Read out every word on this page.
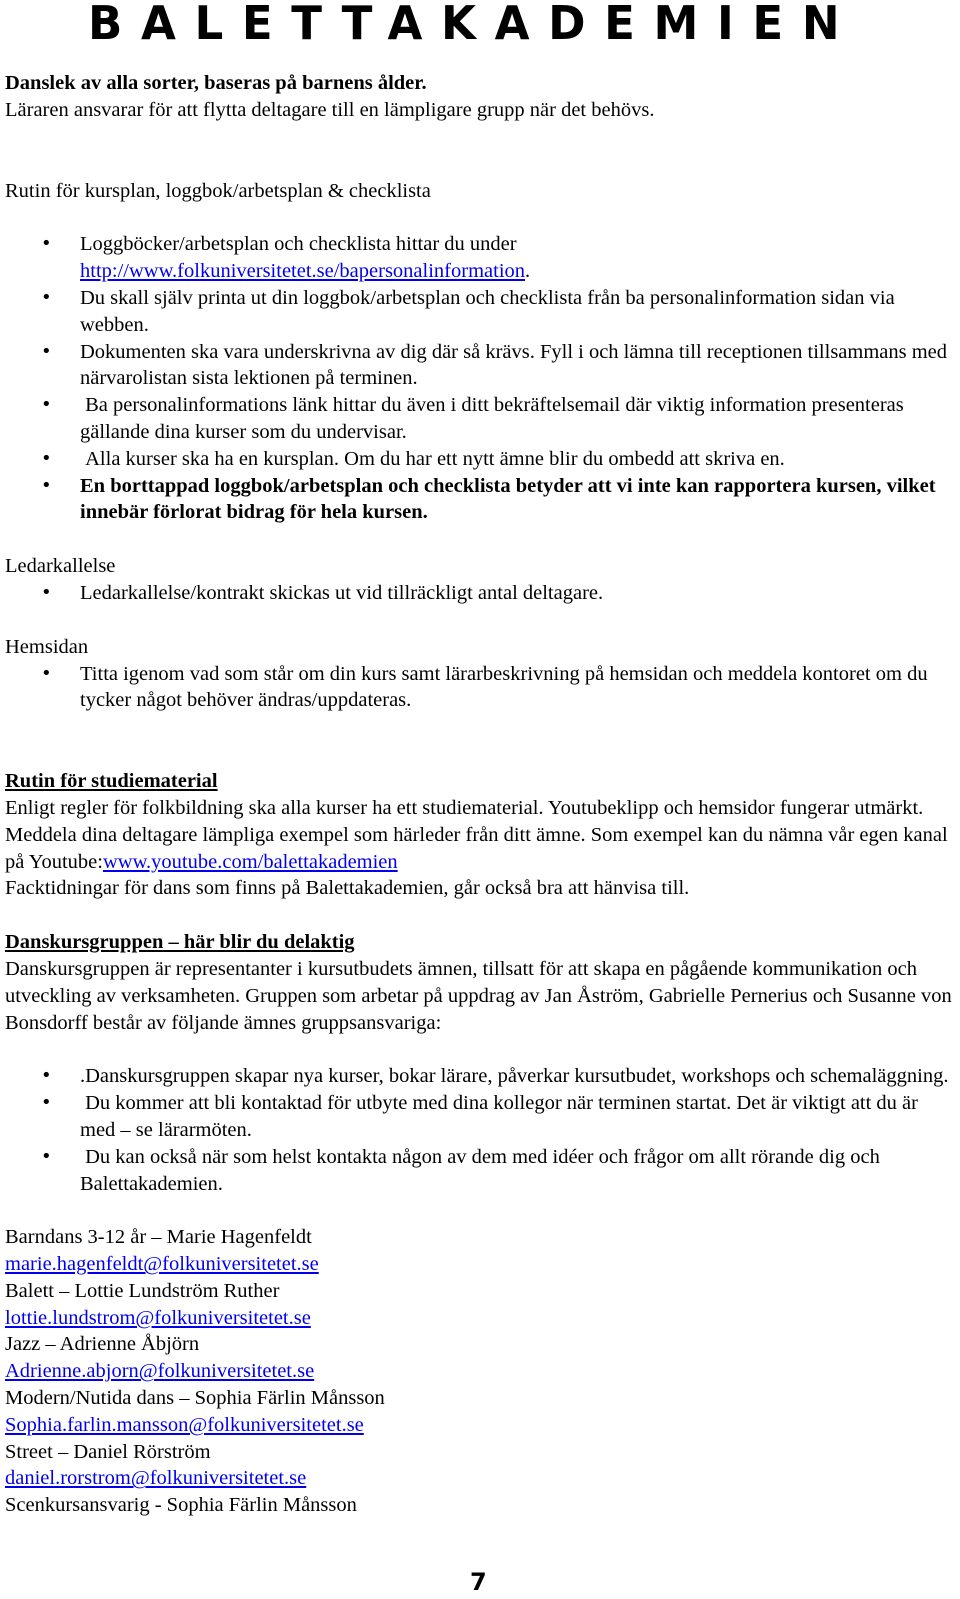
BALETTAKADEMIEN
Danslek av alla sorter, baseras på barnens ålder.
Läraren ansvarar för att flytta deltagare till en lämpligare grupp när det behövs.
Rutin för kursplan, loggbok/arbetsplan & checklista
• Loggböcker/arbetsplan och checklista hittar du under
http://www.folkuniversitetet.se/bapersonalinformation.
• Du skall själv printa ut din loggbok/arbetsplan och checklista från ba personalinformation sidan via webben.
• Dokumenten ska vara underskrivna av dig där så krävs. Fyll i och lämna till receptionen tillsammans med närvarolistan sista lektionen på terminen.
•  Ba personalinformations länk hittar du även i ditt bekräftelsemail där viktig information presenteras gällande dina kurser som du undervisar.
•  Alla kurser ska ha en kursplan. Om du har ett nytt ämne blir du ombedd att skriva en.
• En borttappad loggbok/arbetsplan och checklista betyder att vi inte kan rapportera kursen, vilket innebär förlorat bidrag för hela kursen.
Ledarkallelse
• Ledarkallelse/kontrakt skickas ut vid tillräckligt antal deltagare.
Hemsidan
• Titta igenom vad som står om din kurs samt lärarbeskrivning på hemsidan och meddela kontoret om du tycker något behöver ändras/uppdateras.
Rutin för studiematerial
Enligt regler för folkbildning ska alla kurser ha ett studiematerial. Youtubeklipp och hemsidor fungerar utmärkt. Meddela dina deltagare lämpliga exempel som härleder från ditt ämne. Som exempel kan du nämna vår egen kanal på Youtube:www.youtube.com/balettakademien
Facktidningar för dans som finns på Balettakademien, går också bra att hänvisa till.
Danskursgruppen – här blir du delaktig
Danskursgruppen är representanter i kursutbudets ämnen, tillsatt för att skapa en pågående kommunikation och utveckling av verksamheten. Gruppen som arbetar på uppdrag av Jan Åström, Gabrielle Pernerius och Susanne von Bonsdorff består av följande ämnes gruppsansvariga:
• .Danskursgruppen skapar nya kurser, bokar lärare, påverkar kursutbudet, workshops och schemaläggning.
•  Du kommer att bli kontaktad för utbyte med dina kollegor när terminen startat. Det är viktigt att du är med – se lärarmöten.
•  Du kan också när som helst kontakta någon av dem med idéer och frågor om allt rörande dig och Balettakademien.
Barndans 3-12 år – Marie Hagenfeldt
marie.hagenfeldt@folkuniversitetet.se
Balett – Lottie Lundström Ruther
lottie.lundstrom@folkuniversitetet.se
Jazz – Adrienne Åbjörn
Adrienne.abjorn@folkuniversitetet.se
Modern/Nutida dans – Sophia Färlin Månsson
Sophia.farlin.mansson@folkuniversitetet.se
Street – Daniel Rörström
daniel.rorstrom@folkuniversitetet.se
Scenkursansvarig - Sophia Färlin Månsson
7
